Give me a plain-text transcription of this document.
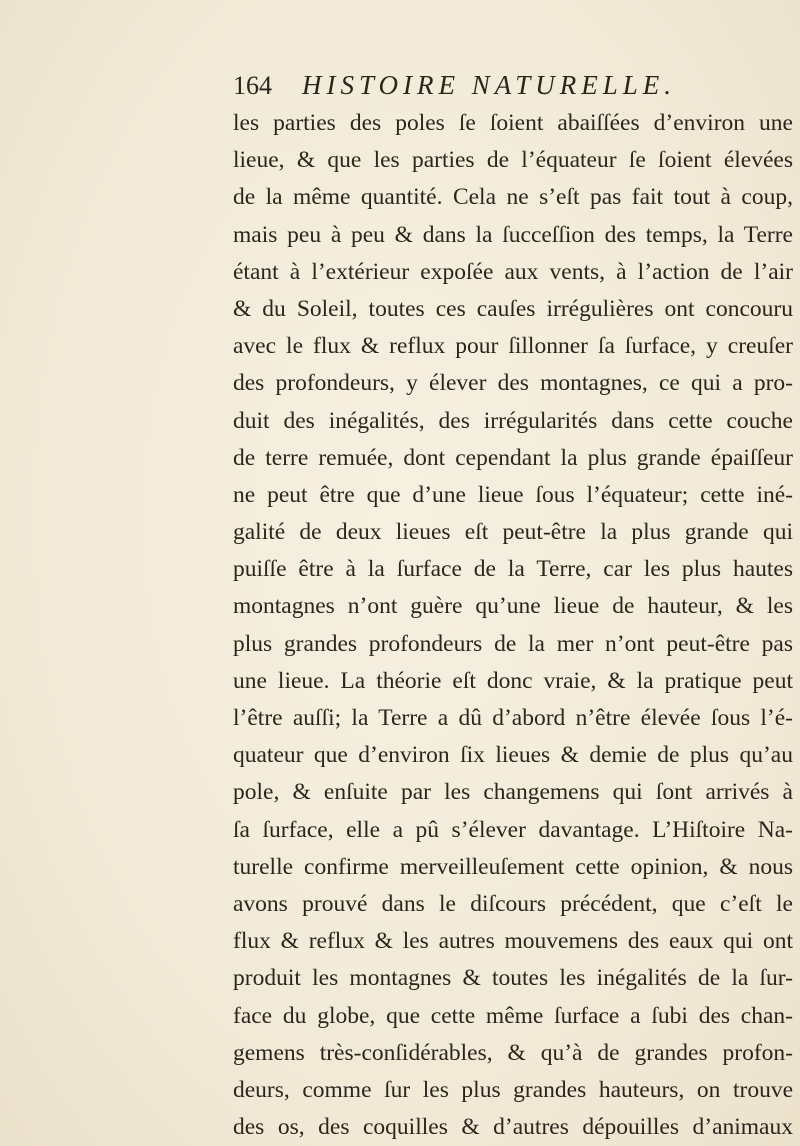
164 HISTOIRE NATURELLE.
les parties des poles ſe ſoient abaiſſées d’environ une
lieue, & que les parties de l’équateur ſe ſoient élevées
de la même quantité. Cela ne s’eſt pas fait tout à coup,
mais peu à peu & dans la ſucceſſion des temps, la Terre
étant à l’extérieur expoſée aux vents, à l’action de l’air
& du Soleil, toutes ces cauſes irrégulières ont concouru
avec le flux & reflux pour ſillonner ſa ſurface, y creuſer
des profondeurs, y élever des montagnes, ce qui a pro-
duit des inégalités, des irrégularités dans cette couche
de terre remuée, dont cependant la plus grande épaiſſeur
ne peut être que d’une lieue ſous l’équateur; cette iné-
galité de deux lieues eſt peut-être la plus grande qui
puiſſe être à la ſurface de la Terre, car les plus hautes
montagnes n’ont guère qu’une lieue de hauteur, & les
plus grandes profondeurs de la mer n’ont peut-être pas
une lieue. La théorie eſt donc vraie, & la pratique peut
l’être auſſi; la Terre a dû d’abord n’être élevée ſous l’é-
quateur que d’environ ſix lieues & demie de plus qu’au
pole, & enſuite par les changemens qui ſont arrivés à
ſa ſurface, elle a pû s’élever davantage. L’Hiſtoire Na-
turelle confirme merveilleuſement cette opinion, & nous
avons prouvé dans le diſcours précédent, que c’eſt le
flux & reflux & les autres mouvemens des eaux qui ont
produit les montagnes & toutes les inégalités de la ſur-
face du globe, que cette même ſurface a ſubi des chan-
gemens très-conſidérables, & qu’à de grandes profon-
deurs, comme ſur les plus grandes hauteurs, on trouve
des os, des coquilles & d’autres dépouilles d’animaux
